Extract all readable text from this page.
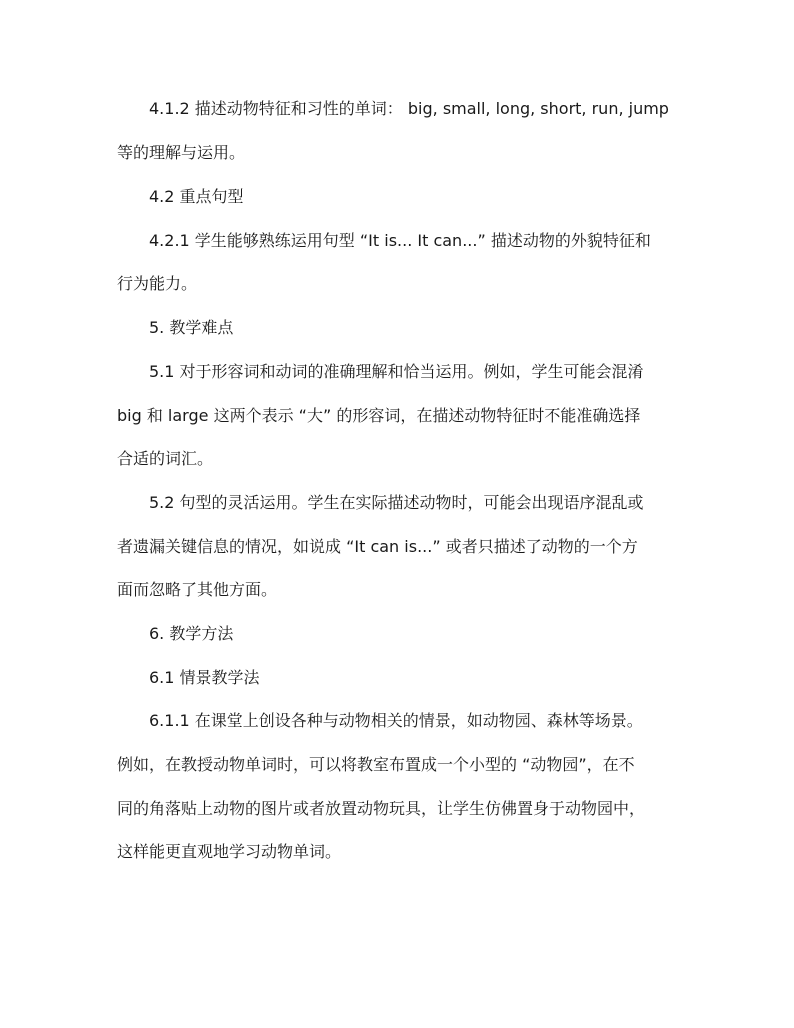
4.1.2 描述动物特征和习性的单词： big, small, long, short, run, jump
等的理解与运用。
4.2 重点句型
4.2.1 学生能够熟练运用句型 “It is... It can...” 描述动物的外貌特征和
行为能力。
5. 教学难点
5.1 对于形容词和动词的准确理解和恰当运用。例如，学生可能会混淆
big 和 large 这两个表示 “大” 的形容词，在描述动物特征时不能准确选择
合适的词汇。
5.2 句型的灵活运用。学生在实际描述动物时，可能会出现语序混乱或
者遗漏关键信息的情况，如说成 “It can is...” 或者只描述了动物的一个方
面而忽略了其他方面。
6. 教学方法
6.1 情景教学法
6.1.1 在课堂上创设各种与动物相关的情景，如动物园、森林等场景。
例如，在教授动物单词时，可以将教室布置成一个小型的 “动物园”，在不
同的角落贴上动物的图片或者放置动物玩具，让学生仿佛置身于动物园中，
这样能更直观地学习动物单词。
